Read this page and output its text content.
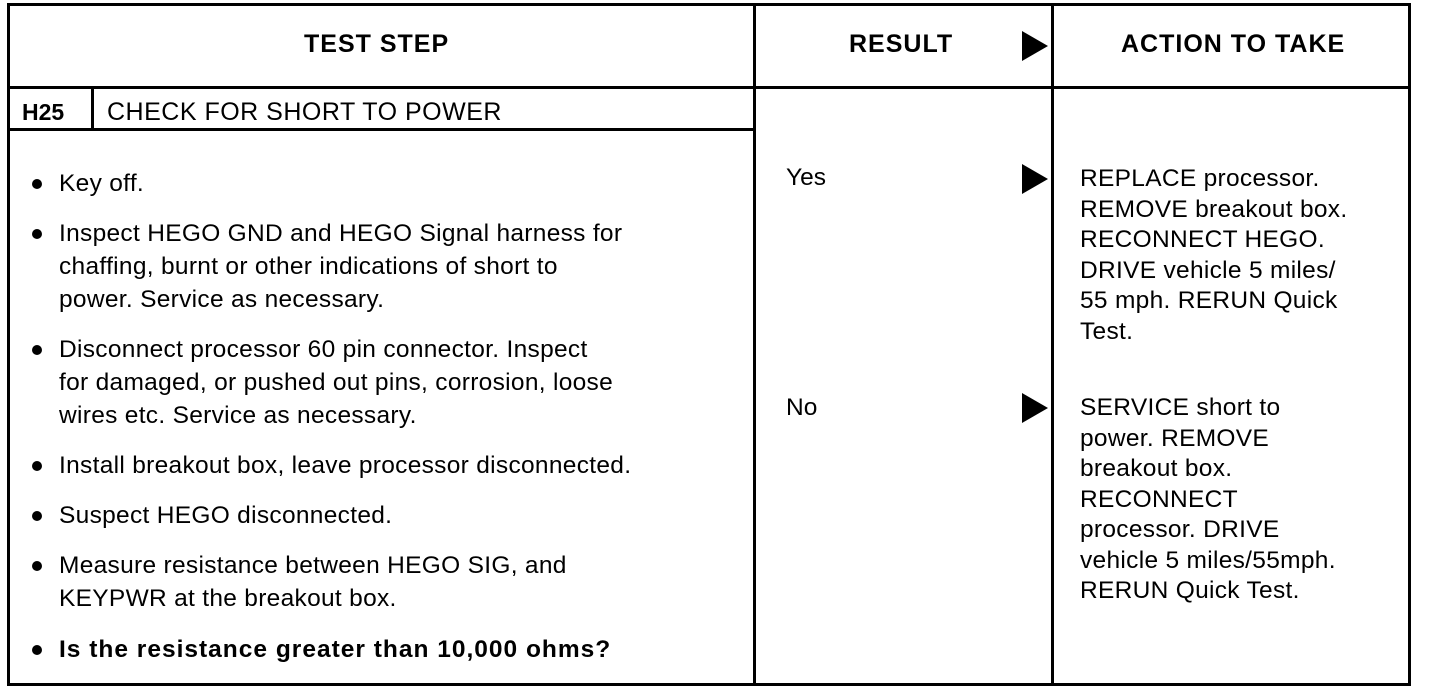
TEST STEP	RESULT	ACTION TO TAKE
H25 CHECK FOR SHORT TO POWER
Key off.
Inspect HEGO GND and HEGO Signal harness for
chaffing, burnt or other indications of short to
power. Service as necessary.
Disconnect processor 60 pin connector. Inspect
for damaged, or pushed out pins, corrosion, loose
wires etc. Service as necessary.
Install breakout box, leave processor disconnected.
Suspect HEGO disconnected.
Measure resistance between HEGO SIG, and
KEYPWR at the breakout box.
Is the resistance greater than 10,000 ohms?
Yes	REPLACE processor.
REMOVE breakout box.
RECONNECT HEGO.
DRIVE vehicle 5 miles/
55 mph. RERUN Quick
Test.
No	SERVICE short to
power. REMOVE
breakout box.
RECONNECT
processor. DRIVE
vehicle 5 miles/55mph.
RERUN Quick Test.
